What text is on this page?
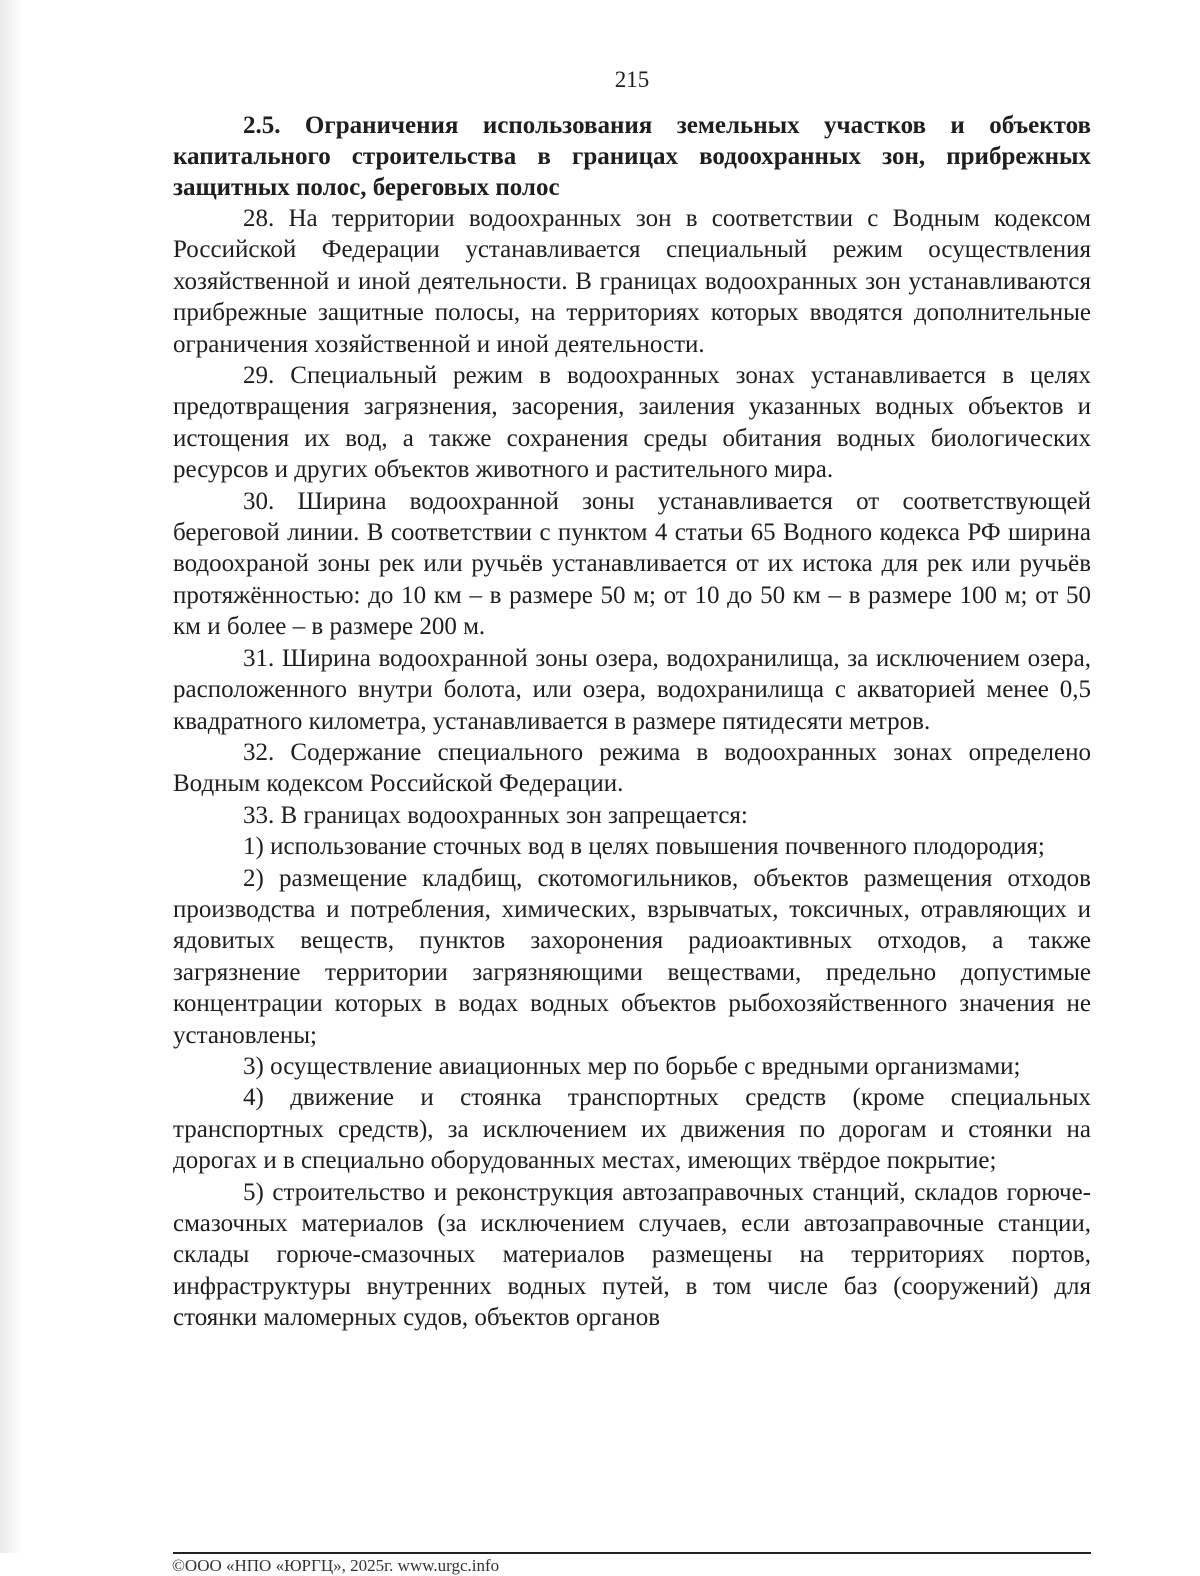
215

2.5. Ограничения использования земельных участков и объектов капитального строительства в границах водоохранных зон, прибрежных защитных полос, береговых полос

28. На территории водоохранных зон в соответствии с Водным кодексом Российской Федерации устанавливается специальный режим осуществления хозяйственной и иной деятельности. В границах водоохранных зон устанавливаются прибрежные защитные полосы, на территориях которых вводятся дополнительные ограничения хозяйственной и иной деятельности.

29. Специальный режим в водоохранных зонах устанавливается в целях предотвращения загрязнения, засорения, заиления указанных водных объектов и истощения их вод, а также сохранения среды обитания водных биологических ресурсов и других объектов животного и растительного мира.

30. Ширина водоохранной зоны устанавливается от соответствующей береговой линии. В соответствии с пунктом 4 статьи 65 Водного кодекса РФ ширина водоохраной зоны рек или ручьёв устанавливается от их истока для рек или ручьёв протяжённостью: до 10 км – в размере 50 м; от 10 до 50 км – в размере 100 м; от 50 км и более – в размере 200 м.

31. Ширина водоохранной зоны озера, водохранилища, за исключением озера, расположенного внутри болота, или озера, водохранилища с акваторией менее 0,5 квадратного километра, устанавливается в размере пятидесяти метров.

32. Содержание специального режима в водоохранных зонах определено Водным кодексом Российской Федерации.

33. В границах водоохранных зон запрещается:

1) использование сточных вод в целях повышения почвенного плодородия;

2) размещение кладбищ, скотомогильников, объектов размещения отходов производства и потребления, химических, взрывчатых, токсичных, отравляющих и ядовитых веществ, пунктов захоронения радиоактивных отходов, а также загрязнение территории загрязняющими веществами, предельно допустимые концентрации которых в водах водных объектов рыбохозяйственного значения не установлены;

3) осуществление авиационных мер по борьбе с вредными организмами;

4) движение и стоянка транспортных средств (кроме специальных транспортных средств), за исключением их движения по дорогам и стоянки на дорогах и в специально оборудованных местах, имеющих твёрдое покрытие;

5) строительство и реконструкция автозаправочных станций, складов горюче-смазочных материалов (за исключением случаев, если автозаправочные станции, склады горюче-смазочных материалов размещены на территориях портов, инфраструктуры внутренних водных путей, в том числе баз (сооружений) для стоянки маломерных судов, объектов органов

©ООО «НПО «ЮРГЦ», 2025г. www.urgc.info
